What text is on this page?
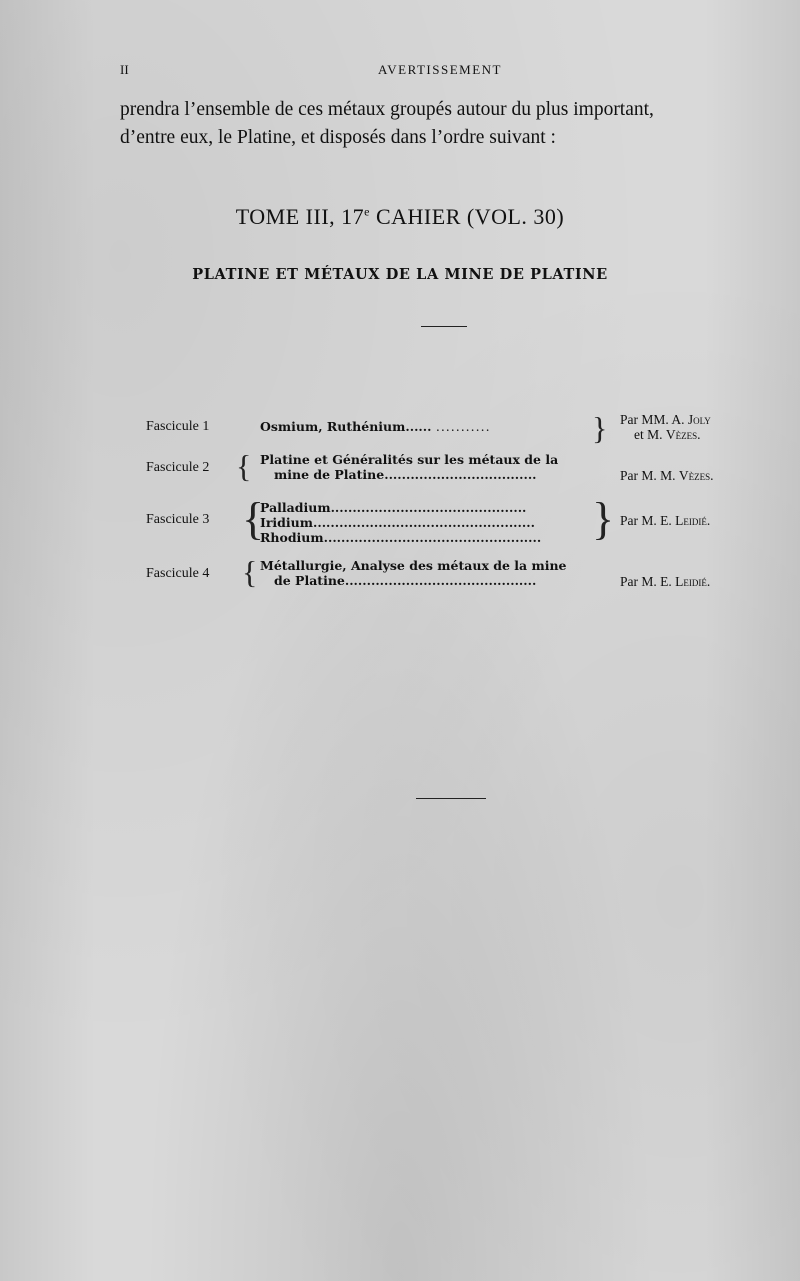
II	AVERTISSEMENT

prendra l’ensemble de ces métaux groupés autour du plus important,

d’entre eux, le Platine, et disposés dans l’ordre suivant :

TOME III, 17e CAHIER (VOL. 30)
PLATINE ET MÉTAUX DE LA MINE DE PLATINE
Fascicule 1	Osmium, Ruthénium...... ...........	} Par MM. A. Joly
et M. Vèzes.
Fascicule 2 { Platine et Généralités sur les métaux de la
mine de Platine...................................	Par M. M. Vèzes.
Fascicule 3 {
Palladium.............................................
Iridium...................................................
Rhodium..................................................	} Par M. E. Leidié.
Fascicule 4 { Métallurgie, Analyse des métaux de la mine
de Platine............................................	Par M. E. Leidié.
